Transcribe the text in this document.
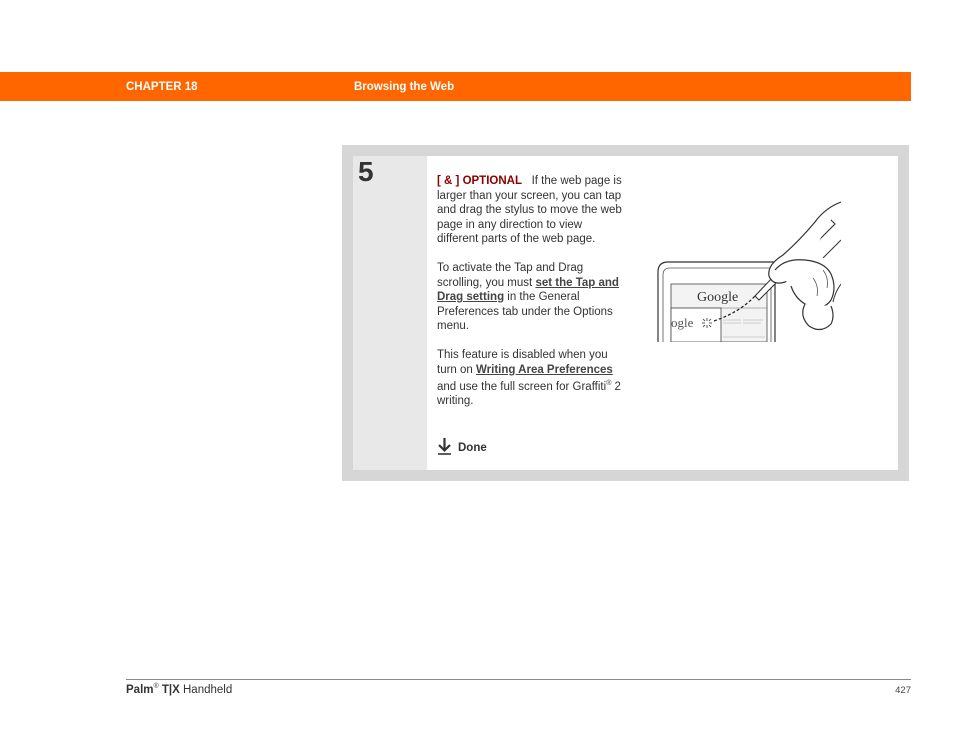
CHAPTER 18	Browsing the Web
5	[ & ] OPTIONAL If the web page is larger than your screen, you can tap and drag the stylus to move the web page in any direction to view different parts of the web page.

To activate the Tap and Drag scrolling, you must set the Tap and Drag setting in the General Preferences tab under the Options menu.

This feature is disabled when you turn on Writing Area Preferences and use the full screen for Graffiti® 2 writing.

Done
Google
ogle
Palm® T|X Handheld	427
